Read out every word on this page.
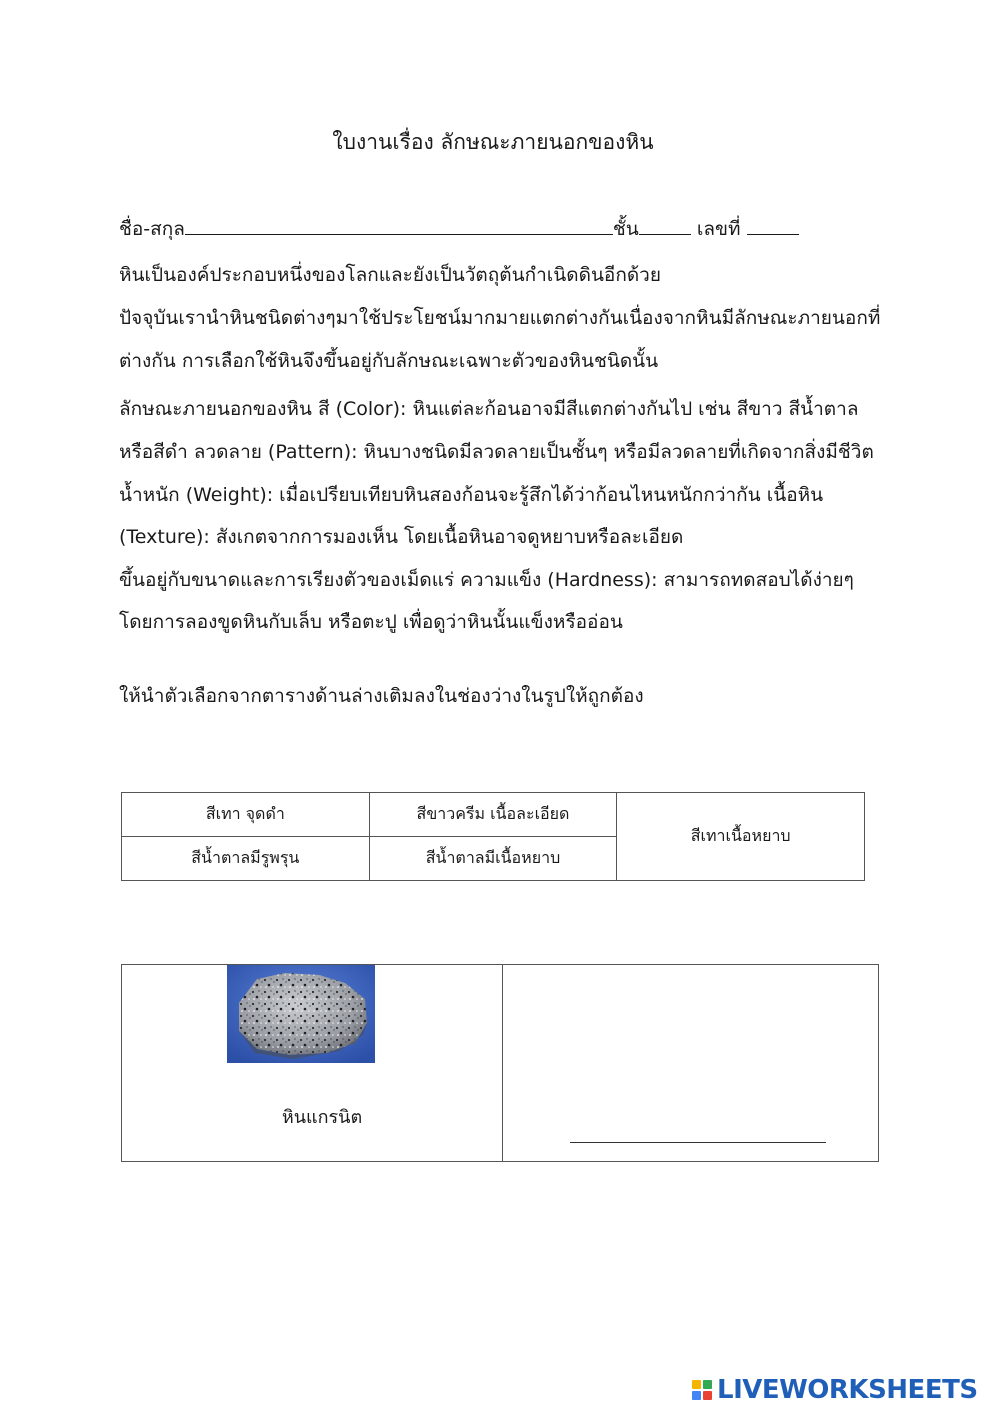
ใบงานเรื่อง ลักษณะภายนอกของหิน
ชื่อ-สกุล	ชั้น	เลขที่
หินเป็นองค์ประกอบหนึ่งของโลกและยังเป็นวัตถุต้นกำเนิดดินอีกด้วย
ปัจจุบันเรานำหินชนิดต่างๆมาใช้ประโยชน์มากมายแตกต่างกันเนื่องจากหินมีลักษณะภายนอกที่
ต่างกัน การเลือกใช้หินจึงขึ้นอยู่กับลักษณะเฉพาะตัวของหินชนิดนั้น
ลักษณะภายนอกของหิน สี (Color): หินแต่ละก้อนอาจมีสีแตกต่างกันไป เช่น สีขาว สีน้ำตาล
หรือสีดำ ลวดลาย (Pattern): หินบางชนิดมีลวดลายเป็นชั้นๆ หรือมีลวดลายที่เกิดจากสิ่งมีชีวิต
น้ำหนัก (Weight): เมื่อเปรียบเทียบหินสองก้อนจะรู้สึกได้ว่าก้อนไหนหนักกว่ากัน เนื้อหิน
(Texture): สังเกตจากการมองเห็น โดยเนื้อหินอาจดูหยาบหรือละเอียด
ขึ้นอยู่กับขนาดและการเรียงตัวของเม็ดแร่ ความแข็ง (Hardness): สามารถทดสอบได้ง่ายๆ
โดยการลองขูดหินกับเล็บ หรือตะปู เพื่อดูว่าหินนั้นแข็งหรืออ่อน
ให้นำตัวเลือกจากตารางด้านล่างเติมลงในช่องว่างในรูปให้ถูกต้อง
สีเทา จุดดำ	สีขาวครีม เนื้อละเอียด	สีเทาเนื้อหยาบ
สีน้ำตาลมีรูพรุน	สีน้ำตาลมีเนื้อหยาบ	
หินแกรนิต
LIVEWORKSHEETS
